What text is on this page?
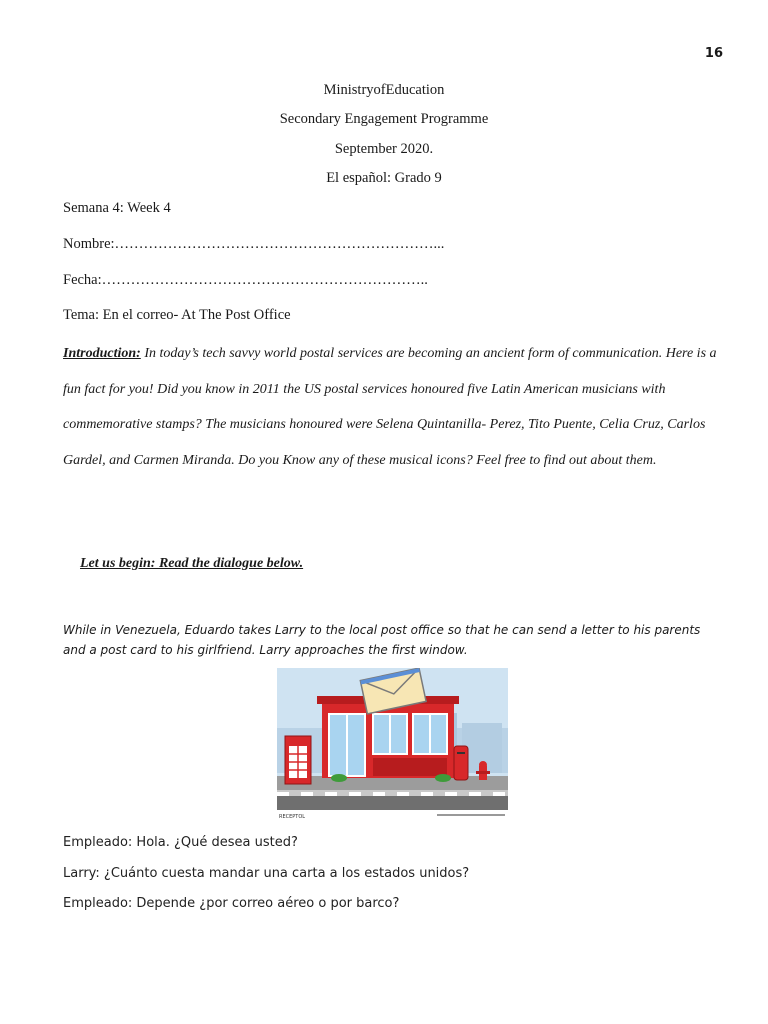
16
MinistryofEducation
Secondary Engagement Programme
September 2020.
El español: Grado 9
Semana 4: Week 4
Nombre:…………………………………………………………...
Fecha:…………………………………………………………..
Tema: En el correo- At The Post Office
Introduction: In today’s tech savvy world postal services are becoming an ancient form of communication. Here is a fun fact for you! Did you know in 2011 the US postal services honoured five Latin American musicians with commemorative stamps? The musicians honoured were Selena Quintanilla- Perez, Tito Puente, Celia Cruz, Carlos Gardel, and Carmen Miranda. Do you Know any of these musical icons? Feel free to find out about them.
Let us begin: Read the dialogue below.
While in Venezuela, Eduardo takes Larry to the local post office so that he can send a letter to his parents and a post card to his girlfriend. Larry approaches the first window.
RECEPTOL
Empleado: Hola. ¿Qué desea usted?
Larry: ¿Cuánto cuesta mandar una carta a los estados unidos?
Empleado: Depende ¿por correo aéreo o por barco?
